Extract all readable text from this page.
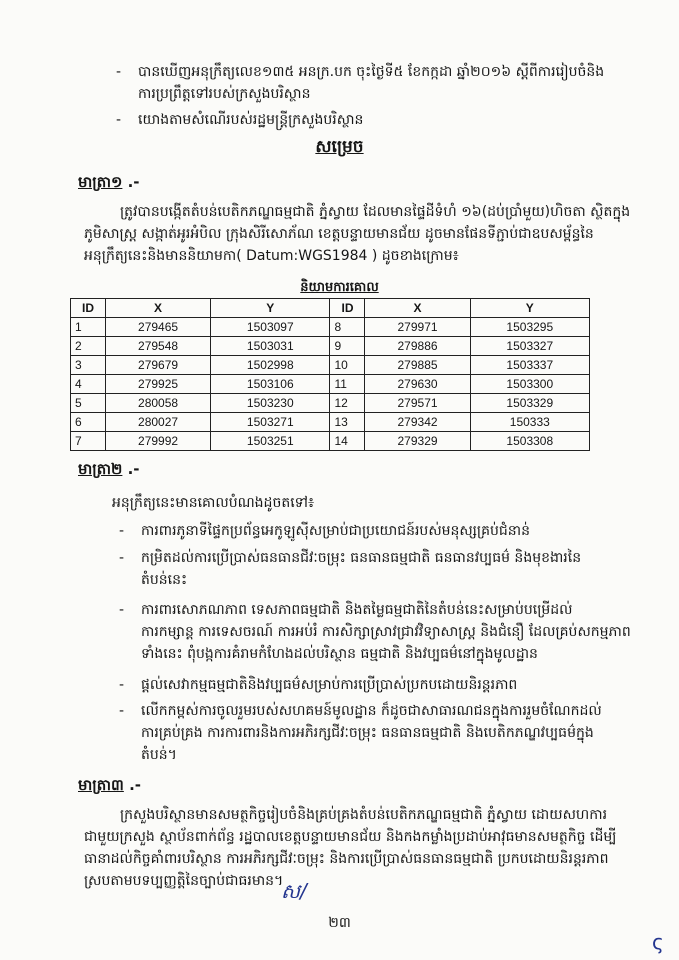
- បានឃើញអនុក្រឹត្យលេខ១៣៥ អនក្រ.បក ចុះថ្ងៃទី៥ ខែកក្កដា ឆ្នាំ២០១៦ ស្តីពីការរៀបចំនិង
ការប្រព្រឹត្តទៅរបស់ក្រសួងបរិស្ថាន
- យោងតាមសំណើរបស់រដ្ឋមន្ត្រីក្រសួងបរិស្ថាន
សម្រេច
មាត្រា១ .-
ត្រូវបានបង្កើតតំបន់បេតិកភណ្ឌធម្មជាតិ ភ្នំស្វាយ ដែលមានផ្ទៃដីទំហំ ១៦(ដប់ប្រាំមួយ)ហិចតា ស្ថិតក្នុង
ភូមិសាស្ត្រ សង្កាត់អូរអំបិល ក្រុងសិរីសោភ័ណ ខេត្តបន្ទាយមានជ័យ ដូចមានផែនទីភ្ជាប់ជាឧបសម្ព័ន្ធនៃ
អនុក្រឹត្យនេះនិងមាននិយាមកា( Datum:WGS1984 ) ដូចខាងក្រោម៖
និយាមការគោល
ID	X	Y	ID	X	Y
1	279465	1503097	8	279971	1503295
2	279548	1503031	9	279886	1503327
3	279679	1502998	10	279885	1503337
4	279925	1503106	11	279630	1503300
5	280058	1503230	12	279571	1503329
6	280027	1503271	13	279342	150333
7	279992	1503251	14	279329	1503308
មាត្រា២ .-
អនុក្រឹត្យនេះមានគោលបំណងដូចតទៅ៖
- ការពារភូនាទីផ្ទៃកប្រព័ន្ធអេកូឡូស៊ីសម្រាប់ជាប្រយោជន៍របស់មនុស្សគ្រប់ជំនាន់
- កម្រិតដល់ការប្រើប្រាស់ធនធានជីវៈចម្រុះ ធនធានធម្មជាតិ ធនធានវប្បធម៌ និងមុខងារនៃ
តំបន់នេះ
- ការពារសោភណភាព ទេសភាពធម្មជាតិ និងតម្លៃធម្មជាតិនៃតំបន់នេះសម្រាប់បម្រើដល់
ការកម្សាន្ត ការទេសចរណ៍ ការអប់រំ ការសិក្សាស្រាវជ្រាវវិទ្យាសាស្ត្រ និងជំនឿ ដែលគ្រប់សកម្មភាព
ទាំងនេះ ពុំបង្កការគំរាមកំហែងដល់បរិស្ថាន ធម្មជាតិ និងវប្បធម៌នៅក្នុងមូលដ្ឋាន
- ផ្តល់សេវាកម្មធម្មជាតិនិងវប្បធម៌សម្រាប់ការប្រើប្រាស់ប្រកបដោយនិរន្តរភាព
- លើកកម្ពស់ការចូលរួមរបស់សហគមន៍មូលដ្ឋាន ក៏ដូចជាសាធារណជនក្នុងការរួមចំណែកដល់
ការគ្រប់គ្រង ការការពារនិងការអភិរក្សជីវៈចម្រុះ ធនធានធម្មជាតិ និងបេតិកភណ្ឌវប្បធម៌ក្នុង
តំបន់។
មាត្រា៣ .-
ក្រសួងបរិស្ថានមានសមត្ថកិច្ចរៀបចំនិងគ្រប់គ្រងតំបន់បេតិកភណ្ឌធម្មជាតិ ភ្នំស្វាយ ដោយសហការ
ជាមួយក្រសួង ស្ថាប័នពាក់ព័ន្ធ រដ្ឋបាលខេត្តបន្ទាយមានជ័យ និងកងកម្លាំងប្រដាប់អាវុធមានសមត្ថកិច្ច ដើម្បី
ធានាដល់កិច្ចគាំពារបរិស្ថាន ការអភិរក្សជីវៈចម្រុះ និងការប្រើប្រាស់ធនធានធម្មជាតិ ប្រកបដោយនិរន្តរភាព
ស្របតាមបទប្បញ្ញត្តិនៃច្បាប់ជាធរមាន។
ស/
២៣
ς
